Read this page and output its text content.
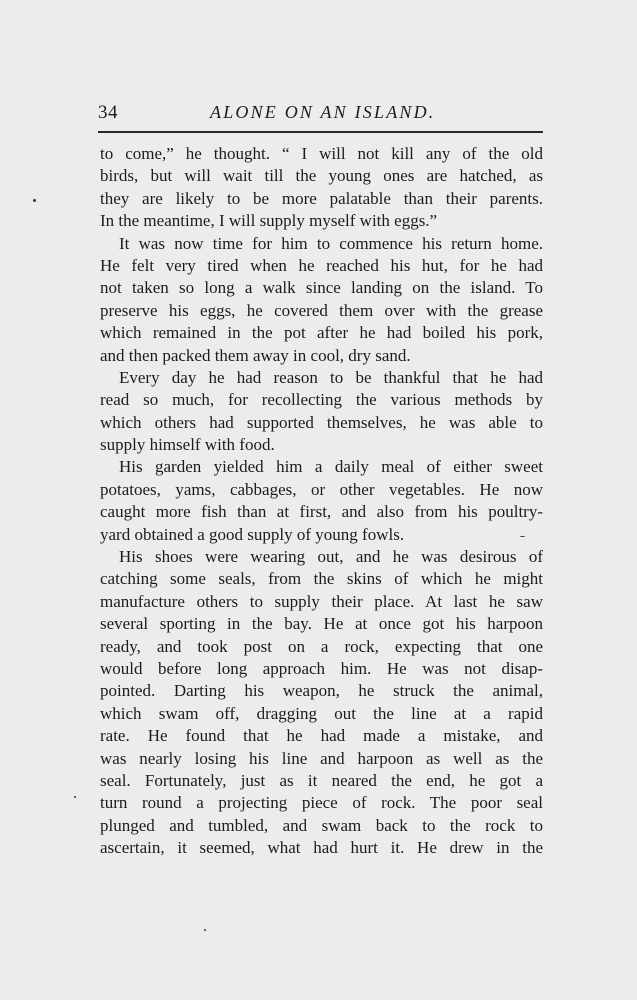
34	ALONE ON AN ISLAND.
to come,” he thought. “ I will not kill any of the old
birds, but will wait till the young ones are hatched, as
they are likely to be more palatable than their parents.
In the meantime, I will supply myself with eggs.”
It was now time for him to commence his return home.
He felt very tired when he reached his hut, for he had
not taken so long a walk since landing on the island. To
preserve his eggs, he covered them over with the grease
which remained in the pot after he had boiled his pork,
and then packed them away in cool, dry sand.
Every day he had reason to be thankful that he had
read so much, for recollecting the various methods by
which others had supported themselves, he was able to
supply himself with food.
His garden yielded him a daily meal of either sweet
potatoes, yams, cabbages, or other vegetables. He now
caught more fish than at first, and also from his poultry-
yard obtained a good supply of young fowls.
His shoes were wearing out, and he was desirous of
catching some seals, from the skins of which he might
manufacture others to supply their place. At last he saw
several sporting in the bay. He at once got his harpoon
ready, and took post on a rock, expecting that one
would before long approach him. He was not disap-
pointed. Darting his weapon, he struck the animal,
which swam off, dragging out the line at a rapid
rate. He found that he had made a mistake, and
was nearly losing his line and harpoon as well as the
seal. Fortunately, just as it neared the end, he got a
turn round a projecting piece of rock. The poor seal
plunged and tumbled, and swam back to the rock to
ascertain, it seemed, what had hurt it. He drew in the
